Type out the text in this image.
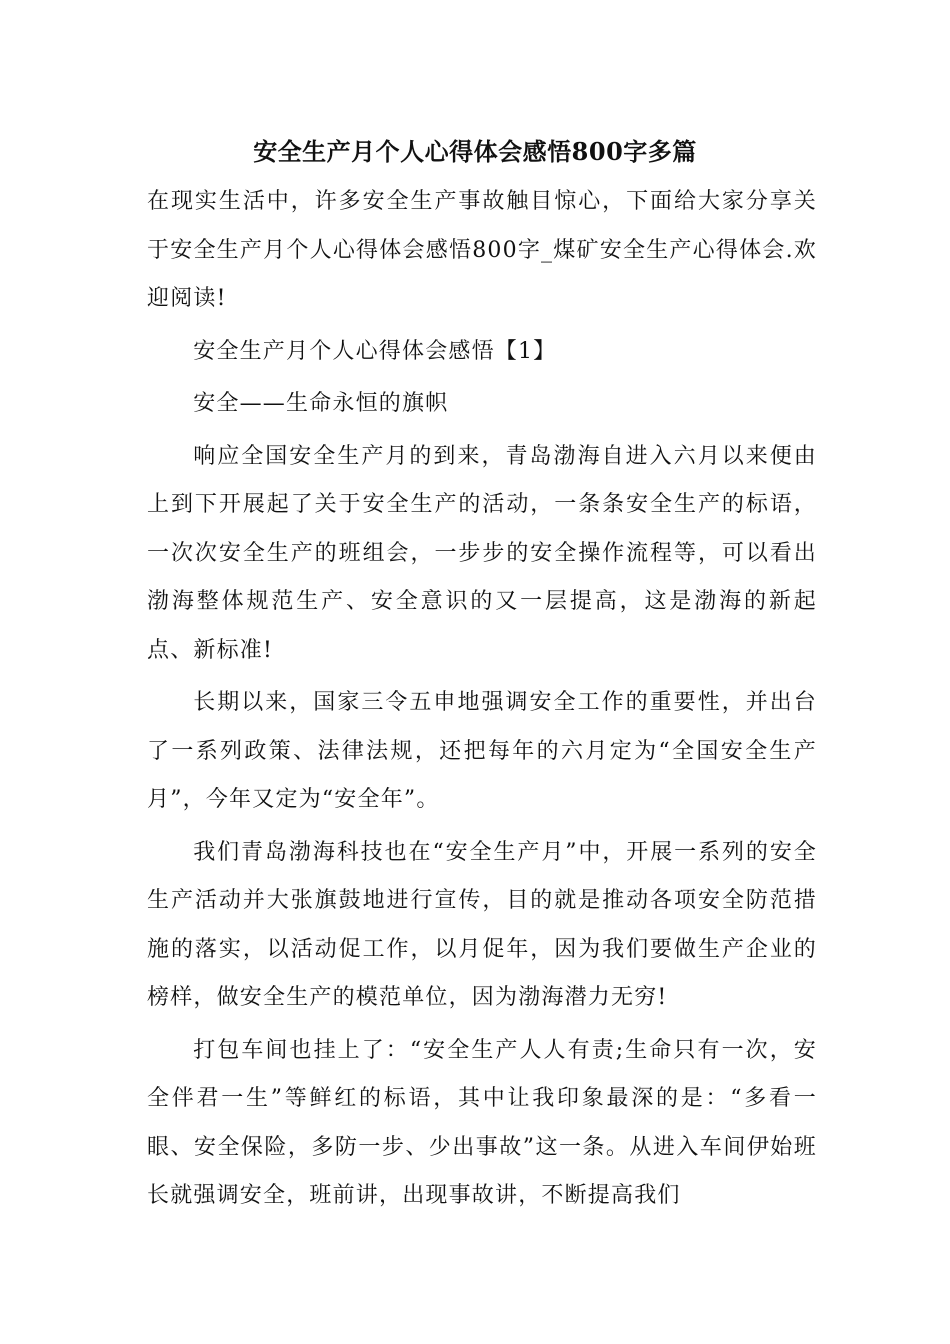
安全生产月个人心得体会感悟800字多篇

在现实生活中，许多安全生产事故触目惊心，下面给大家分享关于安全生产月个人心得体会感悟800字_煤矿安全生产心得体会.欢迎阅读!

安全生产月个人心得体会感悟【1】

安全——生命永恒的旗帜

响应全国安全生产月的到来，青岛渤海自进入六月以来便由上到下开展起了关于安全生产的活动，一条条安全生产的标语，一次次安全生产的班组会，一步步的安全操作流程等，可以看出渤海整体规范生产、安全意识的又一层提高，这是渤海的新起点、新标准!

长期以来，国家三令五申地强调安全工作的重要性，并出台了一系列政策、法律法规，还把每年的六月定为“全国安全生产月”，今年又定为“安全年”。

我们青岛渤海科技也在“安全生产月”中，开展一系列的安全生产活动并大张旗鼓地进行宣传，目的就是推动各项安全防范措施的落实，以活动促工作，以月促年，因为我们要做生产企业的榜样，做安全生产的模范单位，因为渤海潜力无穷!

打包车间也挂上了：“安全生产人人有责;生命只有一次，安全伴君一生”等鲜红的标语，其中让我印象最深的是：“多看一眼、安全保险，多防一步、少出事故”这一条。从进入车间伊始班长就强调安全，班前讲，出现事故讲，不断提高我们
